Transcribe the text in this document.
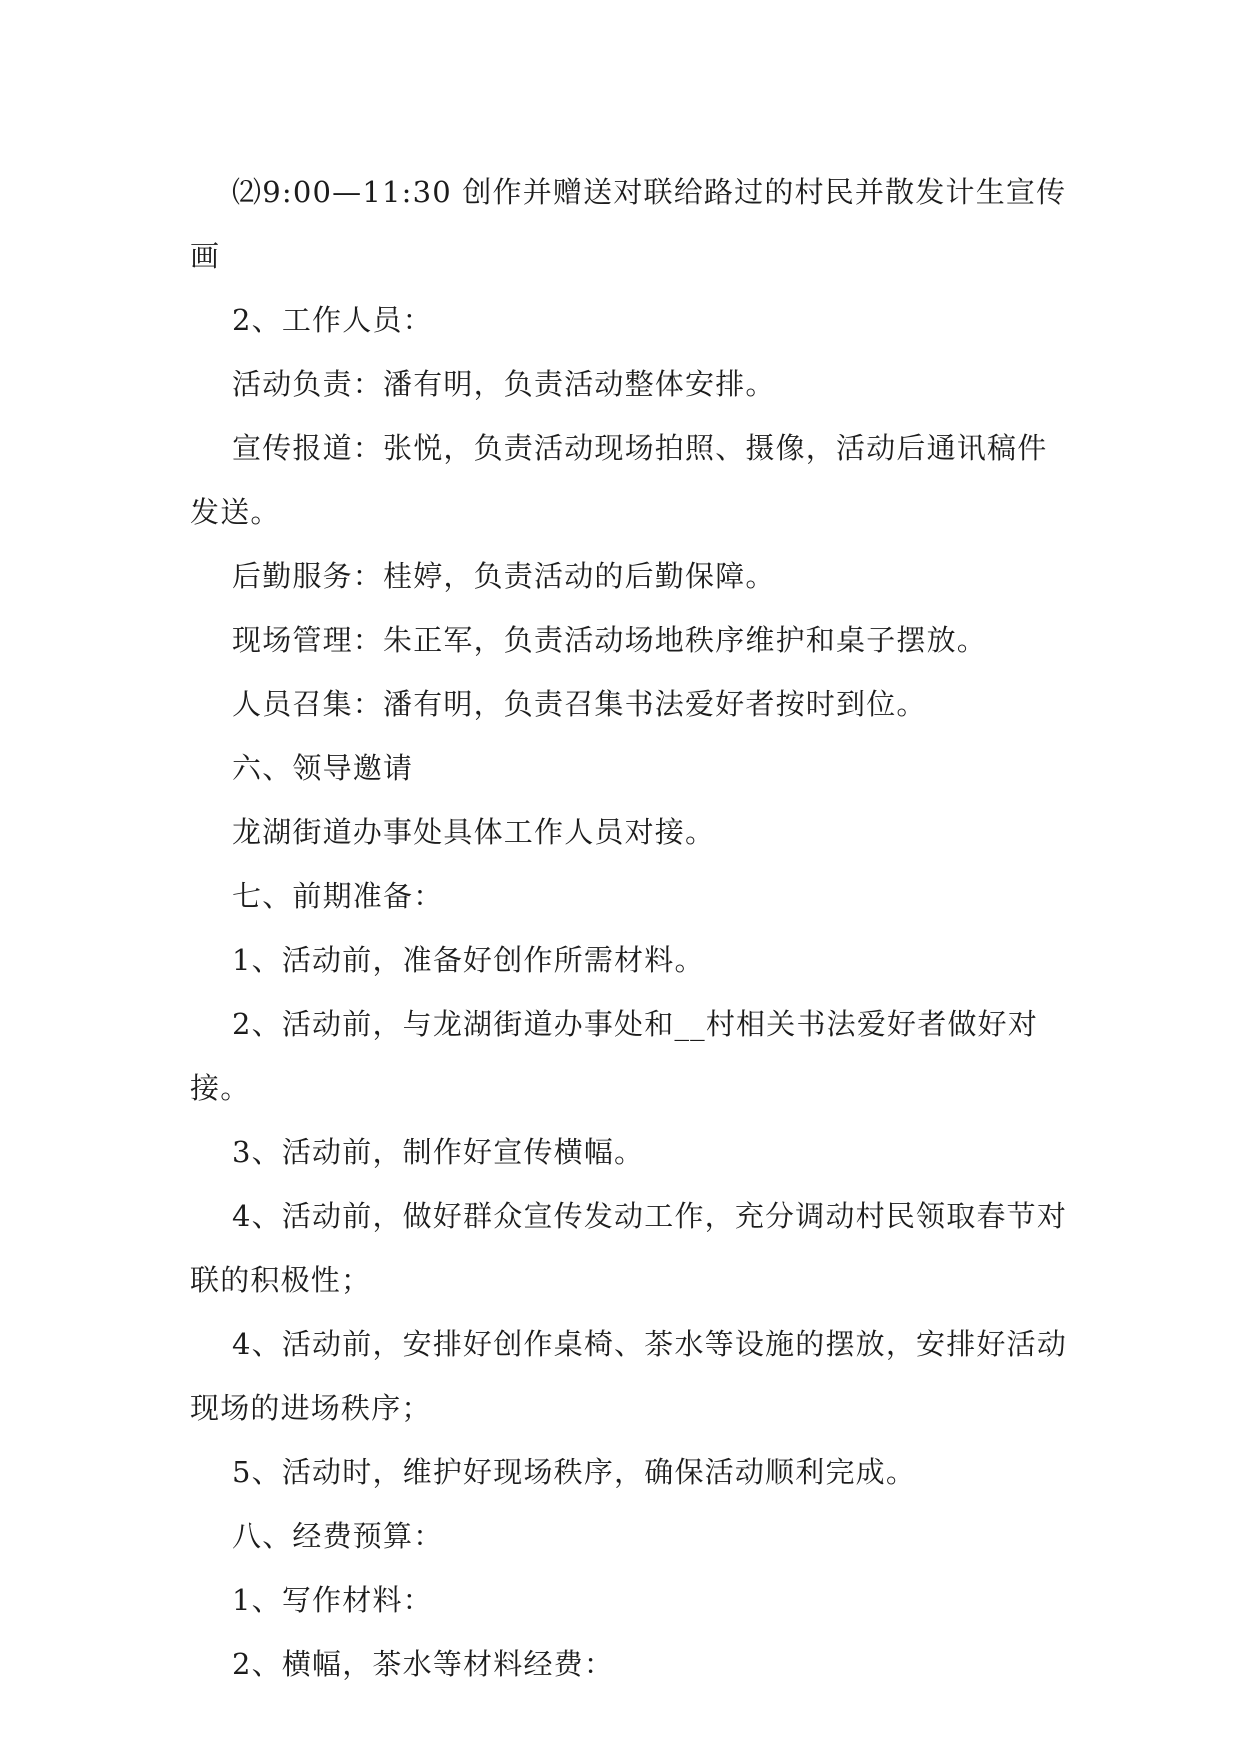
⑵9:00—11:30 创作并赠送对联给路过的村民并散发计生宣传画

2、工作人员：

活动负责：潘有明，负责活动整体安排。

宣传报道：张悦，负责活动现场拍照、摄像，活动后通讯稿件发送。

后勤服务：桂婷，负责活动的后勤保障。

现场管理：朱正军，负责活动场地秩序维护和桌子摆放。

人员召集：潘有明，负责召集书法爱好者按时到位。

六、领导邀请

龙湖街道办事处具体工作人员对接。

七、前期准备：

1、活动前，准备好创作所需材料。

2、活动前，与龙湖街道办事处和__村相关书法爱好者做好对接。

3、活动前，制作好宣传横幅。

4、活动前，做好群众宣传发动工作，充分调动村民领取春节对联的积极性；

4、活动前，安排好创作桌椅、茶水等设施的摆放，安排好活动现场的进场秩序；

5、活动时，维护好现场秩序，确保活动顺利完成。

八、经费预算：

1、写作材料：

2、横幅，茶水等材料经费：
